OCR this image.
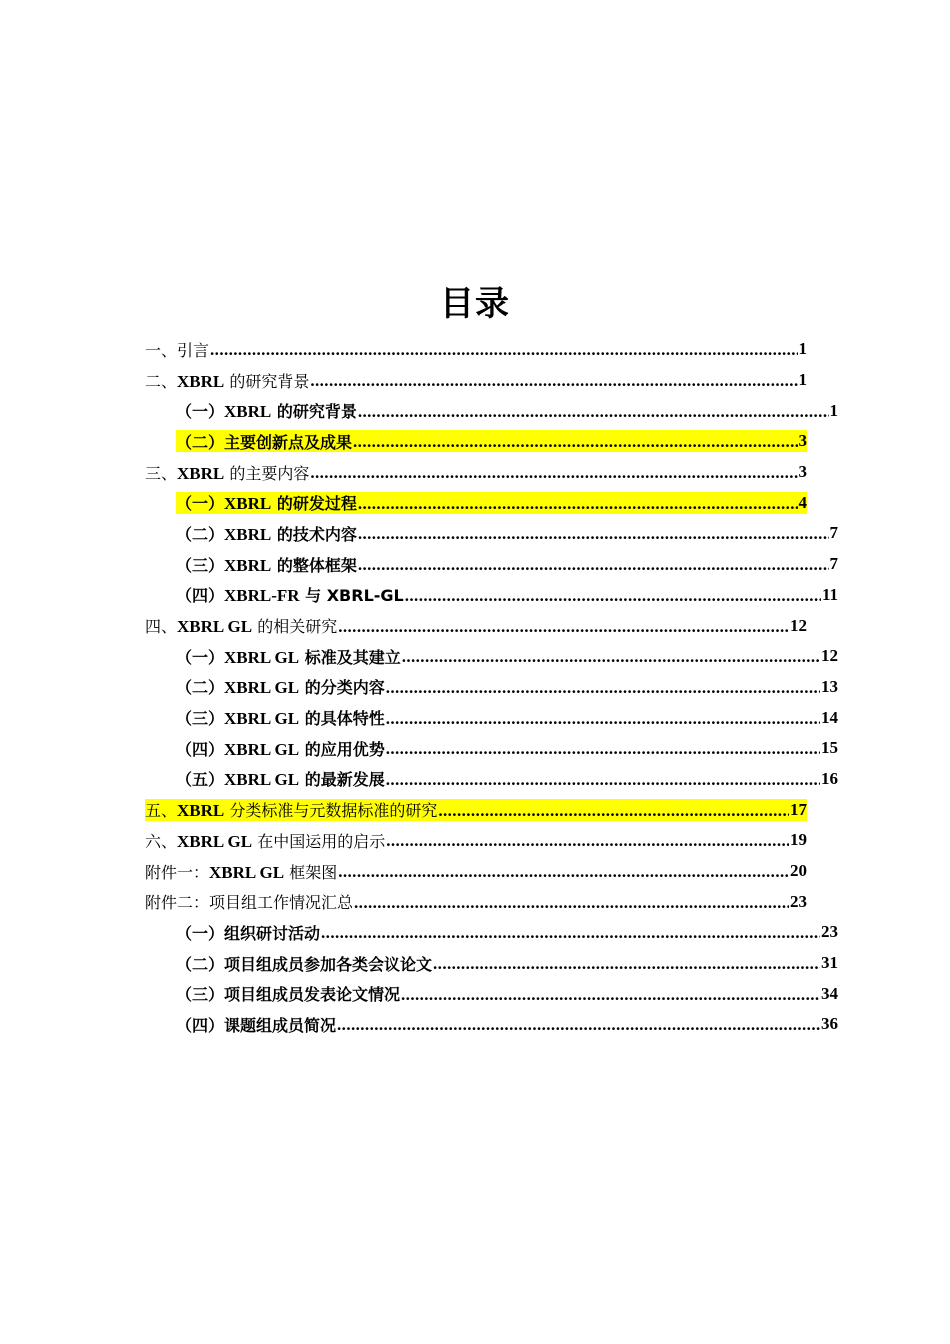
目录
一、引言 .....	1
二、XBRL 的研究背景 .....	1
（一）XBRL 的研究背景 .....	1
（二）主要创新点及成果 .....	3
三、XBRL 的主要内容 .....	3
（一）XBRL 的研发过程 .....	4
（二）XBRL 的技术内容 .....	7
（三）XBRL 的整体框架 .....	7
（四）XBRL-FR 与 XBRL-GL .....	11
四、XBRL GL 的相关研究 .....	12
（一）XBRL GL 标准及其建立 .....	12
（二）XBRL GL 的分类内容 .....	13
（三）XBRL GL 的具体特性 .....	14
（四）XBRL GL 的应用优势 .....	15
（五）XBRL GL 的最新发展 .....	16
五、XBRL 分类标准与元数据标准的研究 .....	17
六、XBRL GL 在中国运用的启示 .....	19
附件一：XBRL GL 框架图 .....	20
附件二：项目组工作情况汇总 .....	23
（一）组织研讨活动 .....	23
（二）项目组成员参加各类会议论文 .....	31
（三）项目组成员发表论文情况 .....	34
（四）课题组成员简况 .....	36
